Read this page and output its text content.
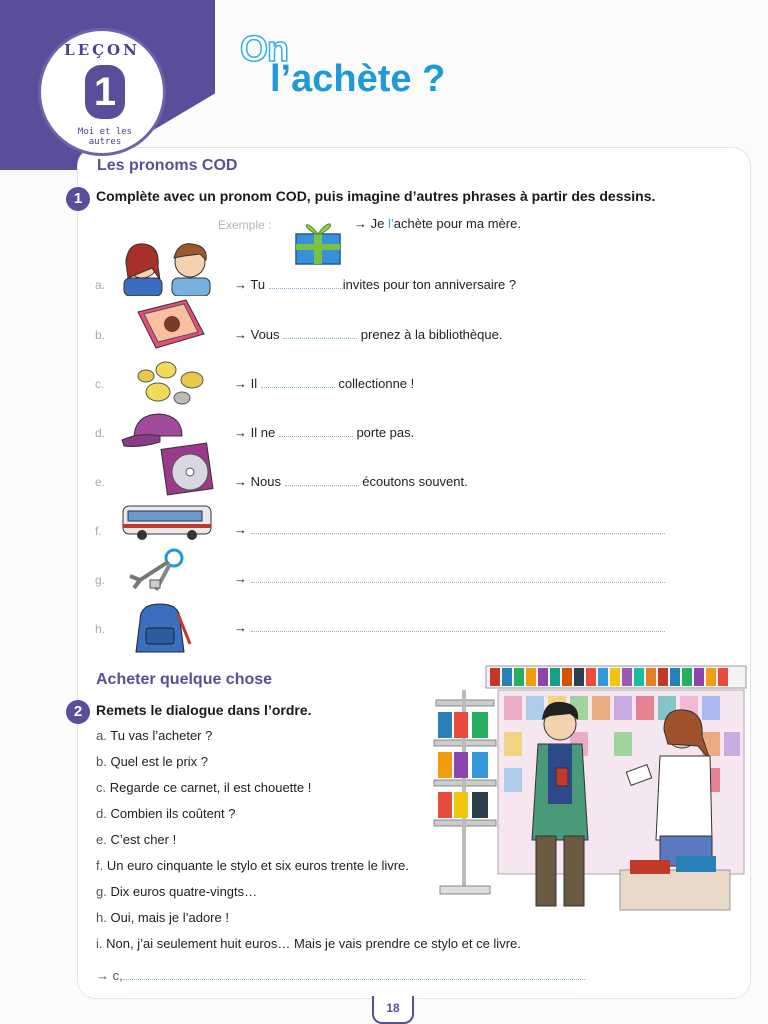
LEÇON
1
Moi et les autres
On
l’achète ?
Les pronoms COD
1 Complète avec un pronom COD, puis imagine d’autres phrases à partir des dessins.
Exemple :	→ Je l’achète pour ma mère.
a.	→ Tu	invites pour ton anniversaire ?
b.	→ Vous	prenez à la bibliothèque.
c.	→ Il	collectionne !
d.	→ Il ne	porte pas.
e.	→ Nous	écoutons souvent.
f.	→
g.	→
h.	→
Acheter quelque chose
2 Remets le dialogue dans l’ordre.
a. Tu vas l’acheter ?
b. Quel est le prix ?
c. Regarde ce carnet, il est chouette !
d. Combien ils coûtent ?
e. C’est cher !
f. Un euro cinquante le stylo et six euros trente le livre.
g. Dix euros quatre-vingts…
h. Oui, mais je l’adore !
i. Non, j’ai seulement huit euros… Mais je vais prendre ce stylo et ce livre.
→ c,
18
